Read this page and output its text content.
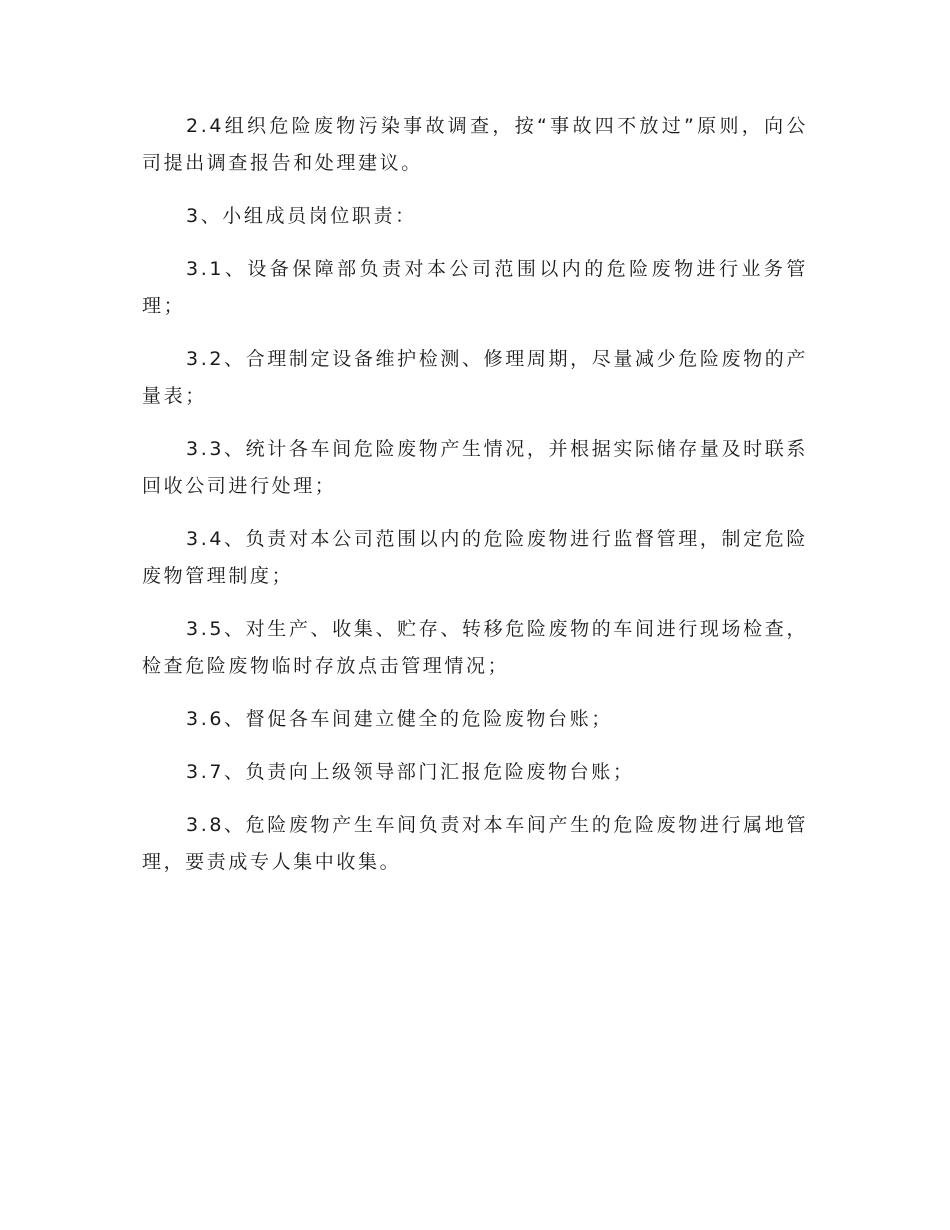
2.4组织危险废物污染事故调查，按“事故四不放过”原则，向公司提出调查报告和处理建议。

3、小组成员岗位职责：

3.1、设备保障部负责对本公司范围以内的危险废物进行业务管理；

3.2、合理制定设备维护检测、修理周期，尽量减少危险废物的产量表；

3.3、统计各车间危险废物产生情况，并根据实际储存量及时联系回收公司进行处理；

3.4、负责对本公司范围以内的危险废物进行监督管理，制定危险废物管理制度；

3.5、对生产、收集、贮存、转移危险废物的车间进行现场检查，检查危险废物临时存放点击管理情况；

3.6、督促各车间建立健全的危险废物台账；

3.7、负责向上级领导部门汇报危险废物台账；

3.8、危险废物产生车间负责对本车间产生的危险废物进行属地管理，要责成专人集中收集。
